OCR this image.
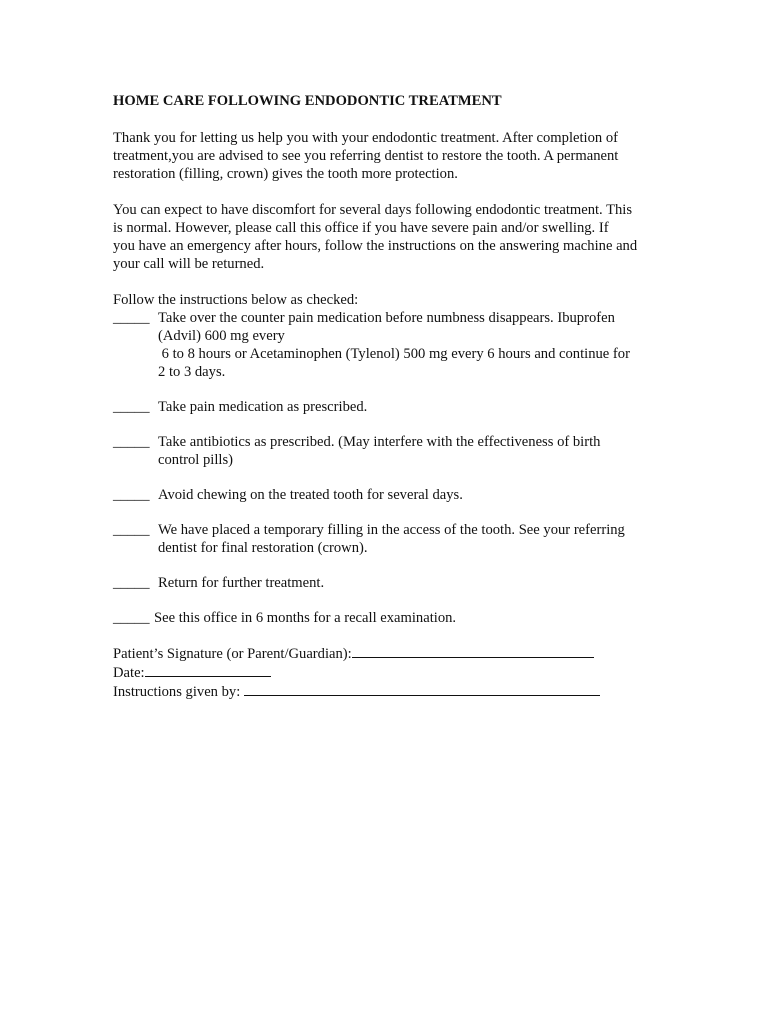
HOME CARE FOLLOWING ENDODONTIC TREATMENT
Thank you for letting us help you with your endodontic treatment. After completion of
treatment,you are advised to see you referring dentist to restore the tooth. A permanent
restoration (filling, crown) gives the tooth more protection.
You can expect to have discomfort for several days following endodontic treatment. This
is normal. However, please call this office if you have severe pain and/or swelling. If
you have an emergency after hours, follow the instructions on the answering machine and
your call will be returned.
Follow the instructions below as checked:
_____ Take over the counter pain medication before numbness disappears. Ibuprofen
(Advil) 600 mg every
6 to 8 hours or Acetaminophen (Tylenol) 500 mg every 6 hours and continue for
2 to 3 days.
_____ Take pain medication as prescribed.
_____ Take antibiotics as prescribed. (May interfere with the effectiveness of birth
control pills)
_____ Avoid chewing on the treated tooth for several days.
_____ We have placed a temporary filling in the access of the tooth. See your referring
dentist for final restoration (crown).
_____ Return for further treatment.
_____ See this office in 6 months for a recall examination.
Patient’s Signature (or Parent/Guardian):
Date:
Instructions given by:
